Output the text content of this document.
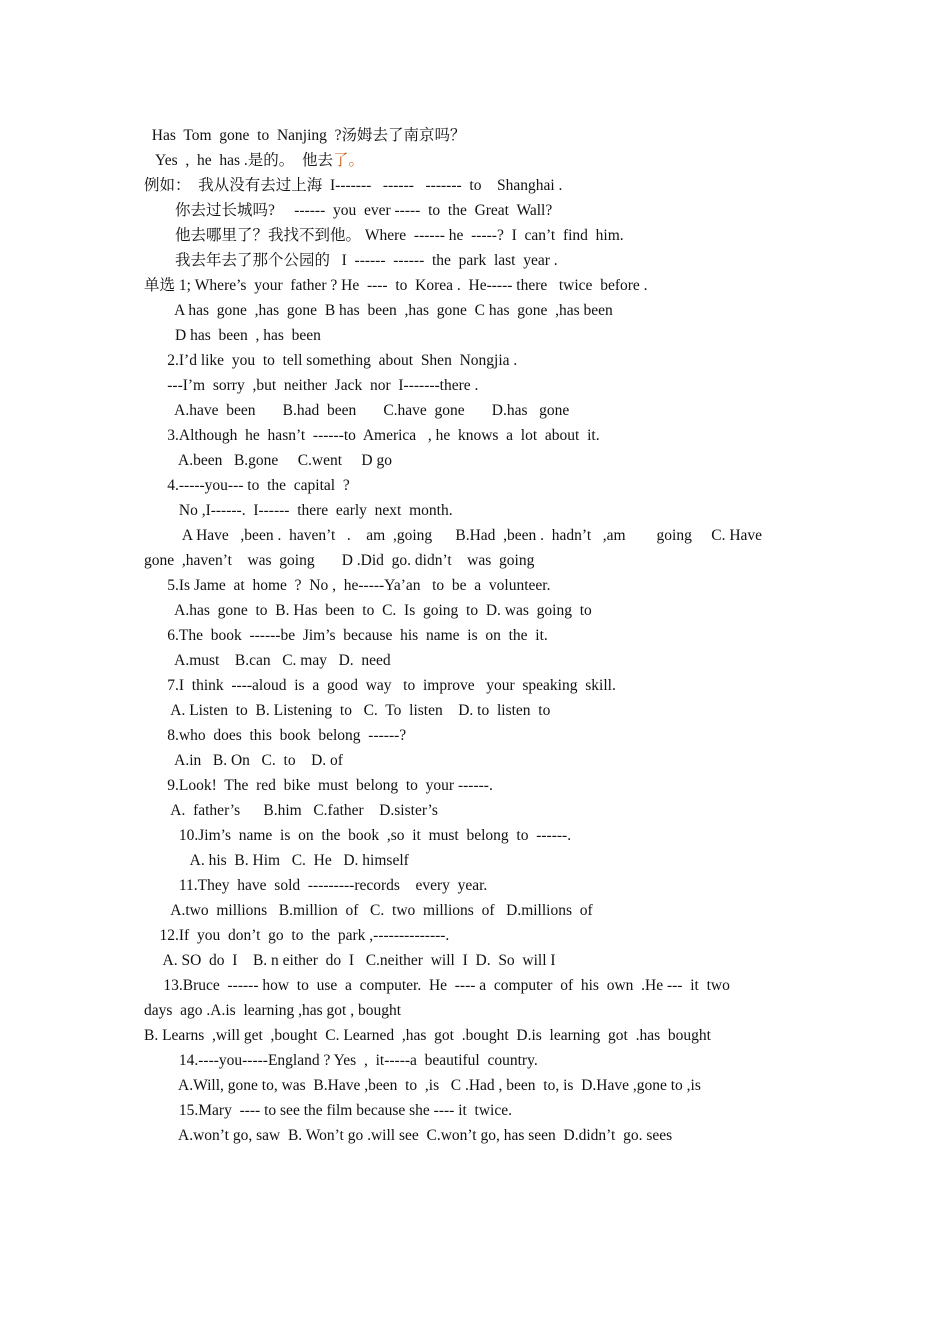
Has  Tom  gone  to  Nanjing  ?汤姆去了南京吗？
Yes  ,  he  has .是的。  他去了。
例如：  我从没有去过上海  I-------   ------   -------  to    Shanghai .
你去过长城吗?     ------  you  ever -----  to  the  Great  Wall?
他去哪里了？我找不到他。 Where  ------ he  -----?  I  can’t  find  him.
我去年去了那个公园的   I  ------  ------  the  park  last  year .
单选 1; Where’s  your  father ? He  ----  to  Korea .  He----- there   twice  before .
A has  gone  ,has  gone  B has  been  ,has  gone  C has  gone  ,has been
D has  been  , has  been
2.I’d like  you  to  tell something  about  Shen  Nongjia .
---I’m  sorry  ,but  neither  Jack  nor  I-------there .
A.have  been       B.had  been       C.have  gone       D.has   gone
3.Although  he  hasn’t  ------to  America   , he  knows  a  lot  about  it.
A.been   B.gone     C.went     D go
4.-----you--- to  the  capital  ?
No ,I------.  I------  there  early  next  month.
A Have   ,been .  haven’t   .    am  ,going      B.Had  ,been .  hadn’t   ,am        going     C. Have
gone  ,haven’t    was  going       D .Did  go. didn’t    was  going
5.Is Jame  at  home  ?  No ,  he-----Ya’an   to  be  a  volunteer.
A.has  gone  to  B. Has  been  to  C.  Is  going  to  D. was  going  to
6.The  book  ------be  Jim’s  because  his  name  is  on  the  it.
A.must    B.can   C. may   D.  need
7.I  think  ----aloud  is  a  good  way   to  improve   your  speaking  skill.
A. Listen  to  B. Listening  to   C.  To  listen    D. to  listen  to
8.who  does  this  book  belong  ------?
A.in   B. On   C.  to    D. of
9.Look!  The  red  bike  must  belong  to  your ------.
A.  father’s      B.him   C.father    D.sister’s
10.Jim’s  name  is  on  the  book  ,so  it  must  belong  to  ------.
A. his  B. Him   C.  He   D. himself
11.They  have  sold  ---------records    every  year.
A.two  millions   B.million  of   C.  two  millions  of   D.millions  of
12.If  you  don’t  go  to  the  park ,--------------.
A. SO  do  I    B. n either  do  I   C.neither  will  I  D.  So  will I
13.Bruce  ------ how  to  use  a  computer.  He  ---- a  computer  of  his  own  .He ---  it  two
days  ago .A.is  learning ,has got , bought
B. Learns  ,will get  ,bought  C. Learned  ,has  got  .bought  D.is  learning  got  .has  bought
14.----you-----England ? Yes  ,  it-----a  beautiful  country.
A.Will, gone to, was  B.Have ,been  to  ,is   C .Had , been  to, is  D.Have ,gone to ,is
15.Mary  ---- to see the film because she ---- it  twice.
A.won’t go, saw  B. Won’t go .will see  C.won’t go, has seen  D.didn’t  go. sees
